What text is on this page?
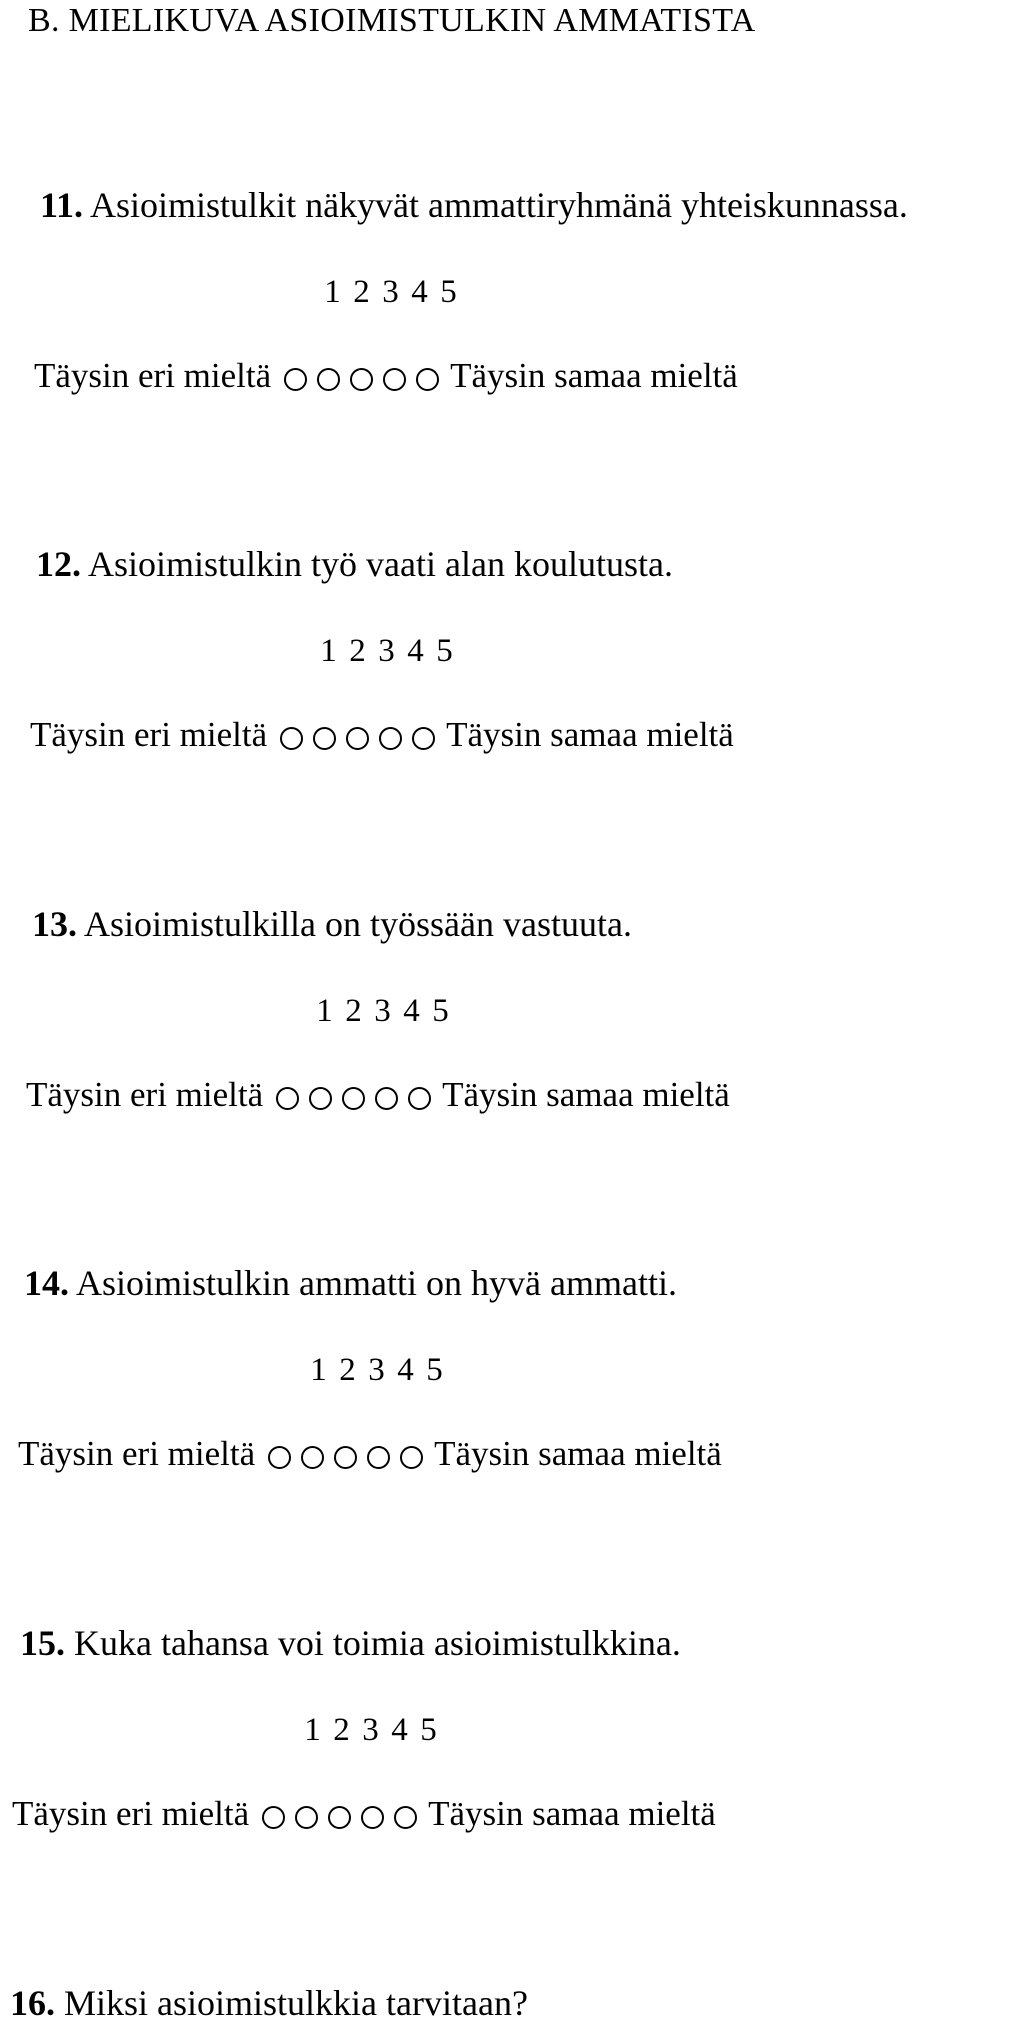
B. MIELIKUVA ASIOIMISTULKIN AMMATISTA
11. Asioimistulkit näkyvät ammattiryhmänä yhteiskunnassa.
1 2 3 4 5
Täysin eri mieltä	Täysin samaa mieltä
12. Asioimistulkin työ vaati alan koulutusta.
1 2 3 4 5
Täysin eri mieltä	Täysin samaa mieltä
13. Asioimistulkilla on työssään vastuuta.
1 2 3 4 5
Täysin eri mieltä	Täysin samaa mieltä
14. Asioimistulkin ammatti on hyvä ammatti.
1 2 3 4 5
Täysin eri mieltä	Täysin samaa mieltä
15. Kuka tahansa voi toimia asioimistulkkina.
1 2 3 4 5
Täysin eri mieltä	Täysin samaa mieltä
16. Miksi asioimistulkkia tarvitaan?
